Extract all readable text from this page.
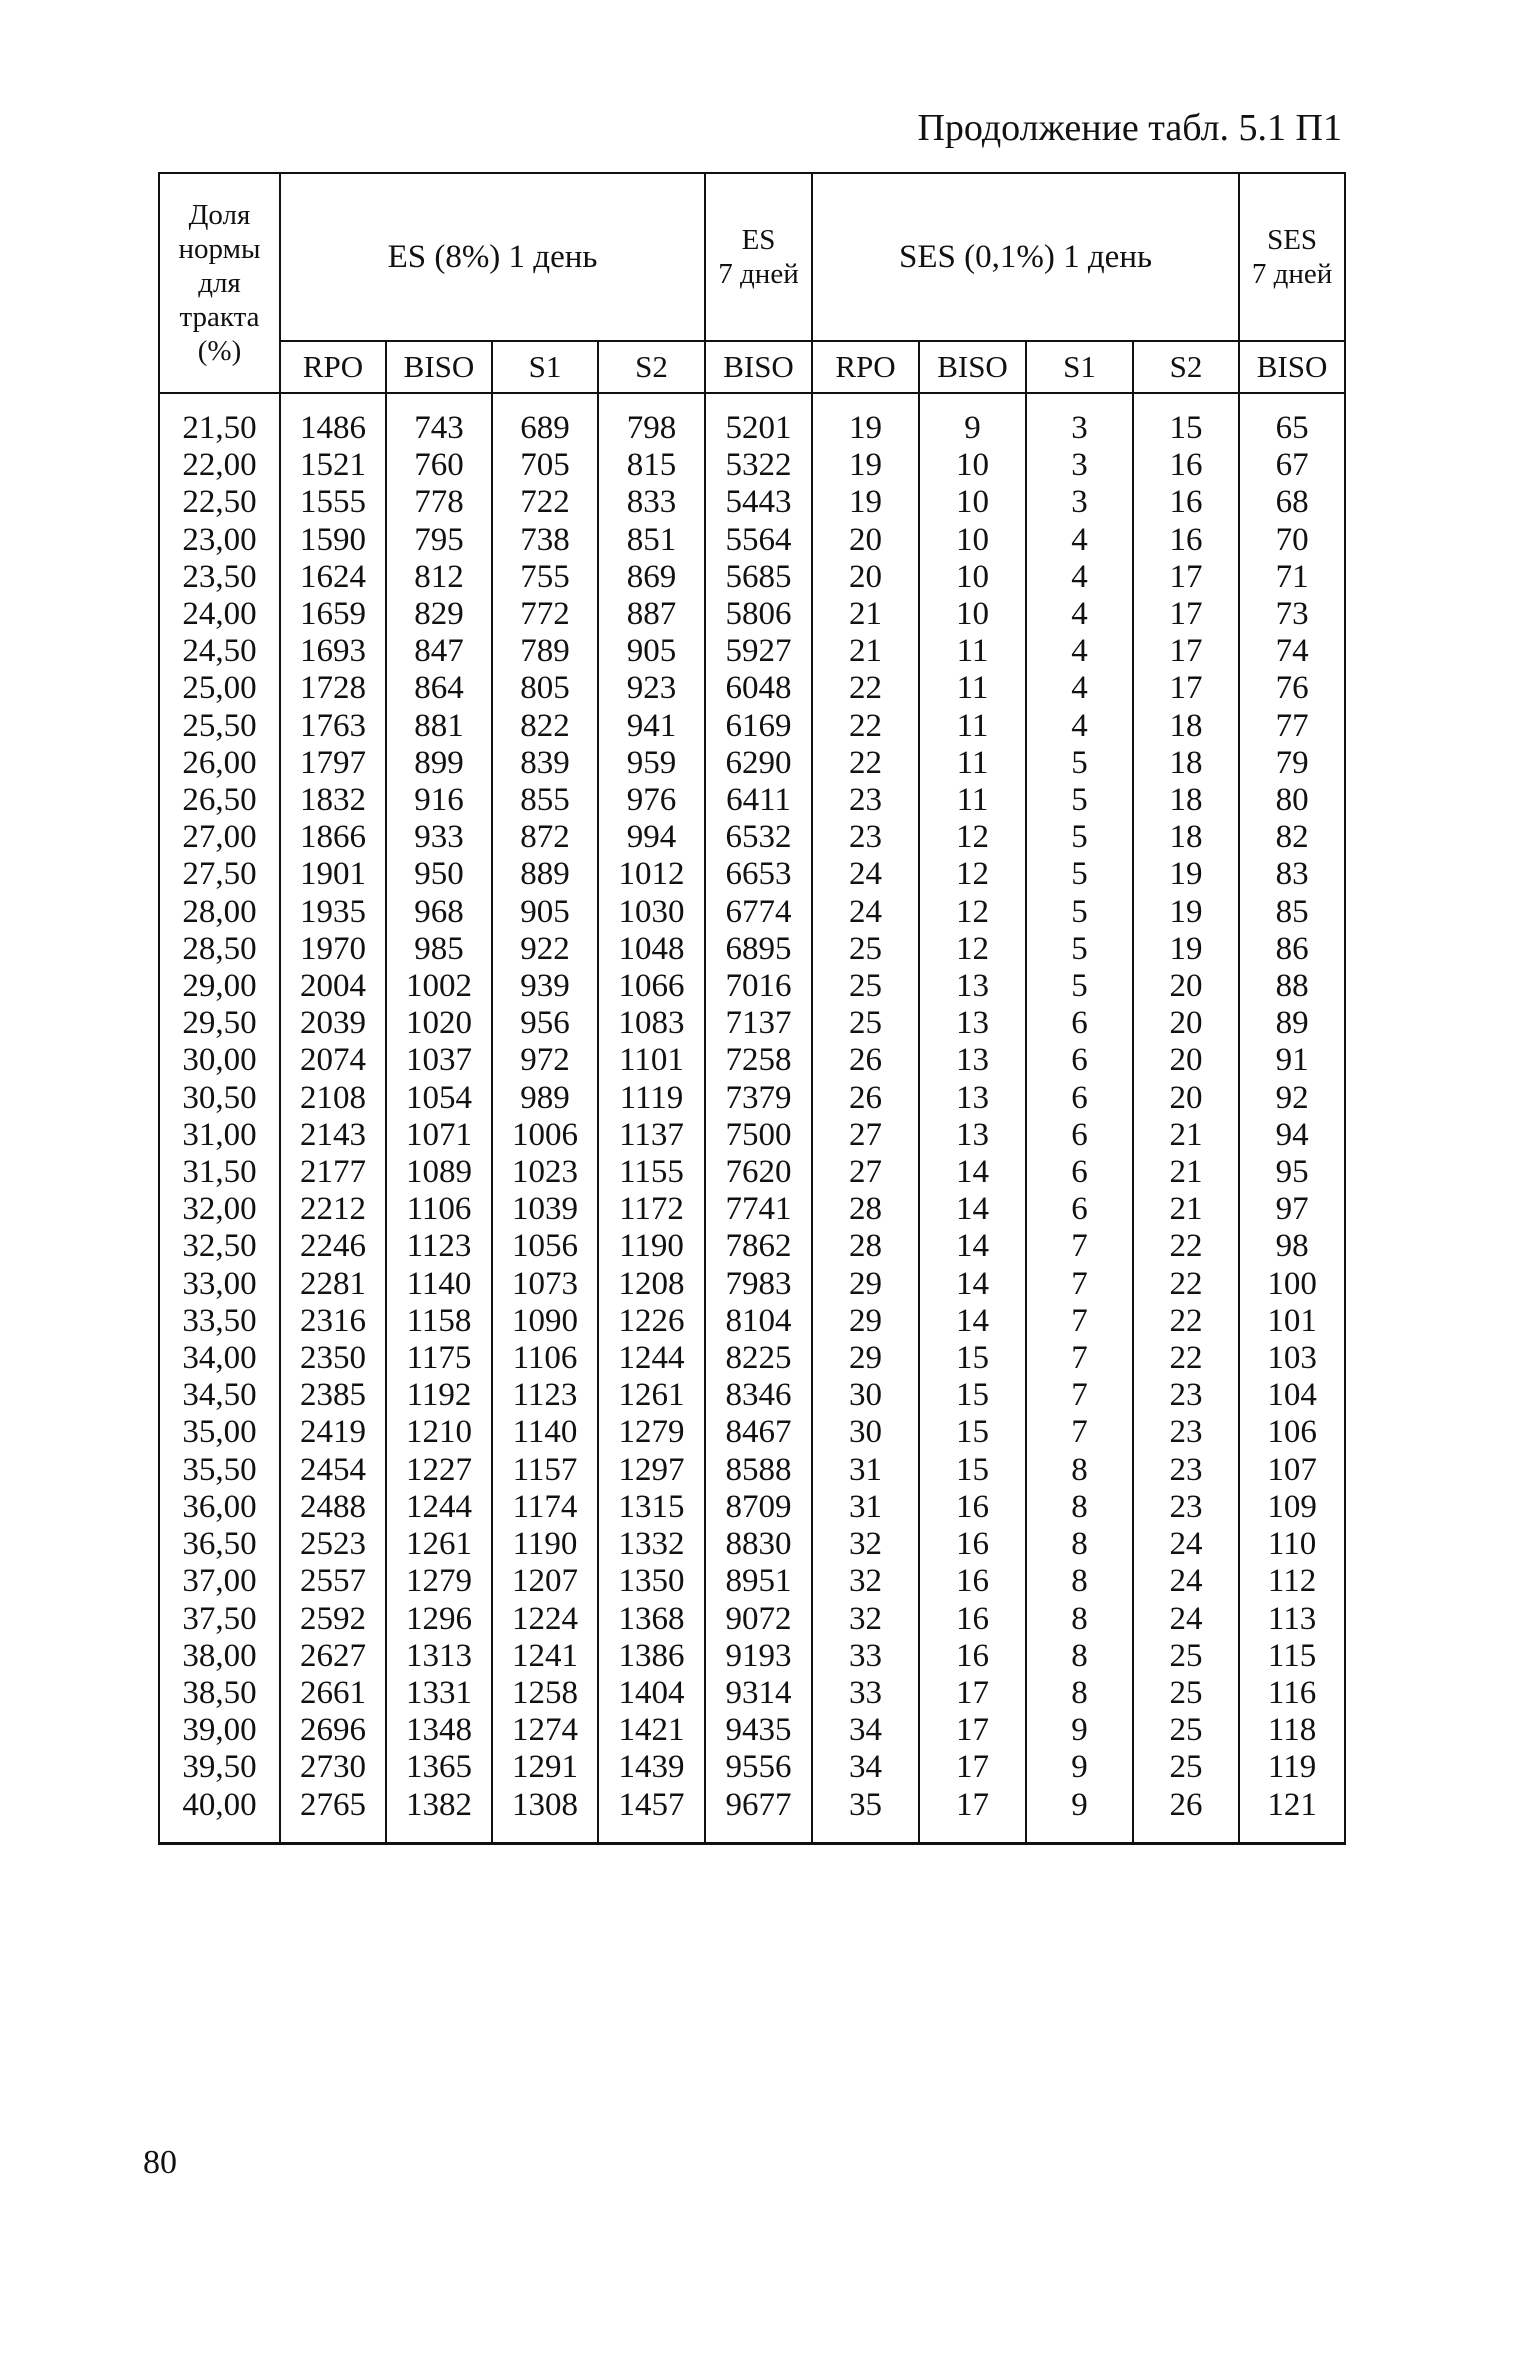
Продолжение табл. 5.1 П1
Доля
нормы
для
тракта
(%)	ES (8%) 1 день				ES
7 дней	SES (0,1%) 1 день				SES
7 дней
	RPO	BISO	S1	S2	BISO	RPO	BISO	S1	S2	BISO
21,50	1486	743	689	798	5201	19	9	3	15	65
22,00	1521	760	705	815	5322	19	10	3	16	67
22,50	1555	778	722	833	5443	19	10	3	16	68
23,00	1590	795	738	851	5564	20	10	4	16	70
23,50	1624	812	755	869	5685	20	10	4	17	71
24,00	1659	829	772	887	5806	21	10	4	17	73
24,50	1693	847	789	905	5927	21	11	4	17	74
25,00	1728	864	805	923	6048	22	11	4	17	76
25,50	1763	881	822	941	6169	22	11	4	18	77
26,00	1797	899	839	959	6290	22	11	5	18	79
26,50	1832	916	855	976	6411	23	11	5	18	80
27,00	1866	933	872	994	6532	23	12	5	18	82
27,50	1901	950	889	1012	6653	24	12	5	19	83
28,00	1935	968	905	1030	6774	24	12	5	19	85
28,50	1970	985	922	1048	6895	25	12	5	19	86
29,00	2004	1002	939	1066	7016	25	13	5	20	88
29,50	2039	1020	956	1083	7137	25	13	6	20	89
30,00	2074	1037	972	1101	7258	26	13	6	20	91
30,50	2108	1054	989	1119	7379	26	13	6	20	92
31,00	2143	1071	1006	1137	7500	27	13	6	21	94
31,50	2177	1089	1023	1155	7620	27	14	6	21	95
32,00	2212	1106	1039	1172	7741	28	14	6	21	97
32,50	2246	1123	1056	1190	7862	28	14	7	22	98
33,00	2281	1140	1073	1208	7983	29	14	7	22	100
33,50	2316	1158	1090	1226	8104	29	14	7	22	101
34,00	2350	1175	1106	1244	8225	29	15	7	22	103
34,50	2385	1192	1123	1261	8346	30	15	7	23	104
35,00	2419	1210	1140	1279	8467	30	15	7	23	106
35,50	2454	1227	1157	1297	8588	31	15	8	23	107
36,00	2488	1244	1174	1315	8709	31	16	8	23	109
36,50	2523	1261	1190	1332	8830	32	16	8	24	110
37,00	2557	1279	1207	1350	8951	32	16	8	24	112
37,50	2592	1296	1224	1368	9072	32	16	8	24	113
38,00	2627	1313	1241	1386	9193	33	16	8	25	115
38,50	2661	1331	1258	1404	9314	33	17	8	25	116
39,00	2696	1348	1274	1421	9435	34	17	9	25	118
39,50	2730	1365	1291	1439	9556	34	17	9	25	119
40,00	2765	1382	1308	1457	9677	35	17	9	26	121
80
